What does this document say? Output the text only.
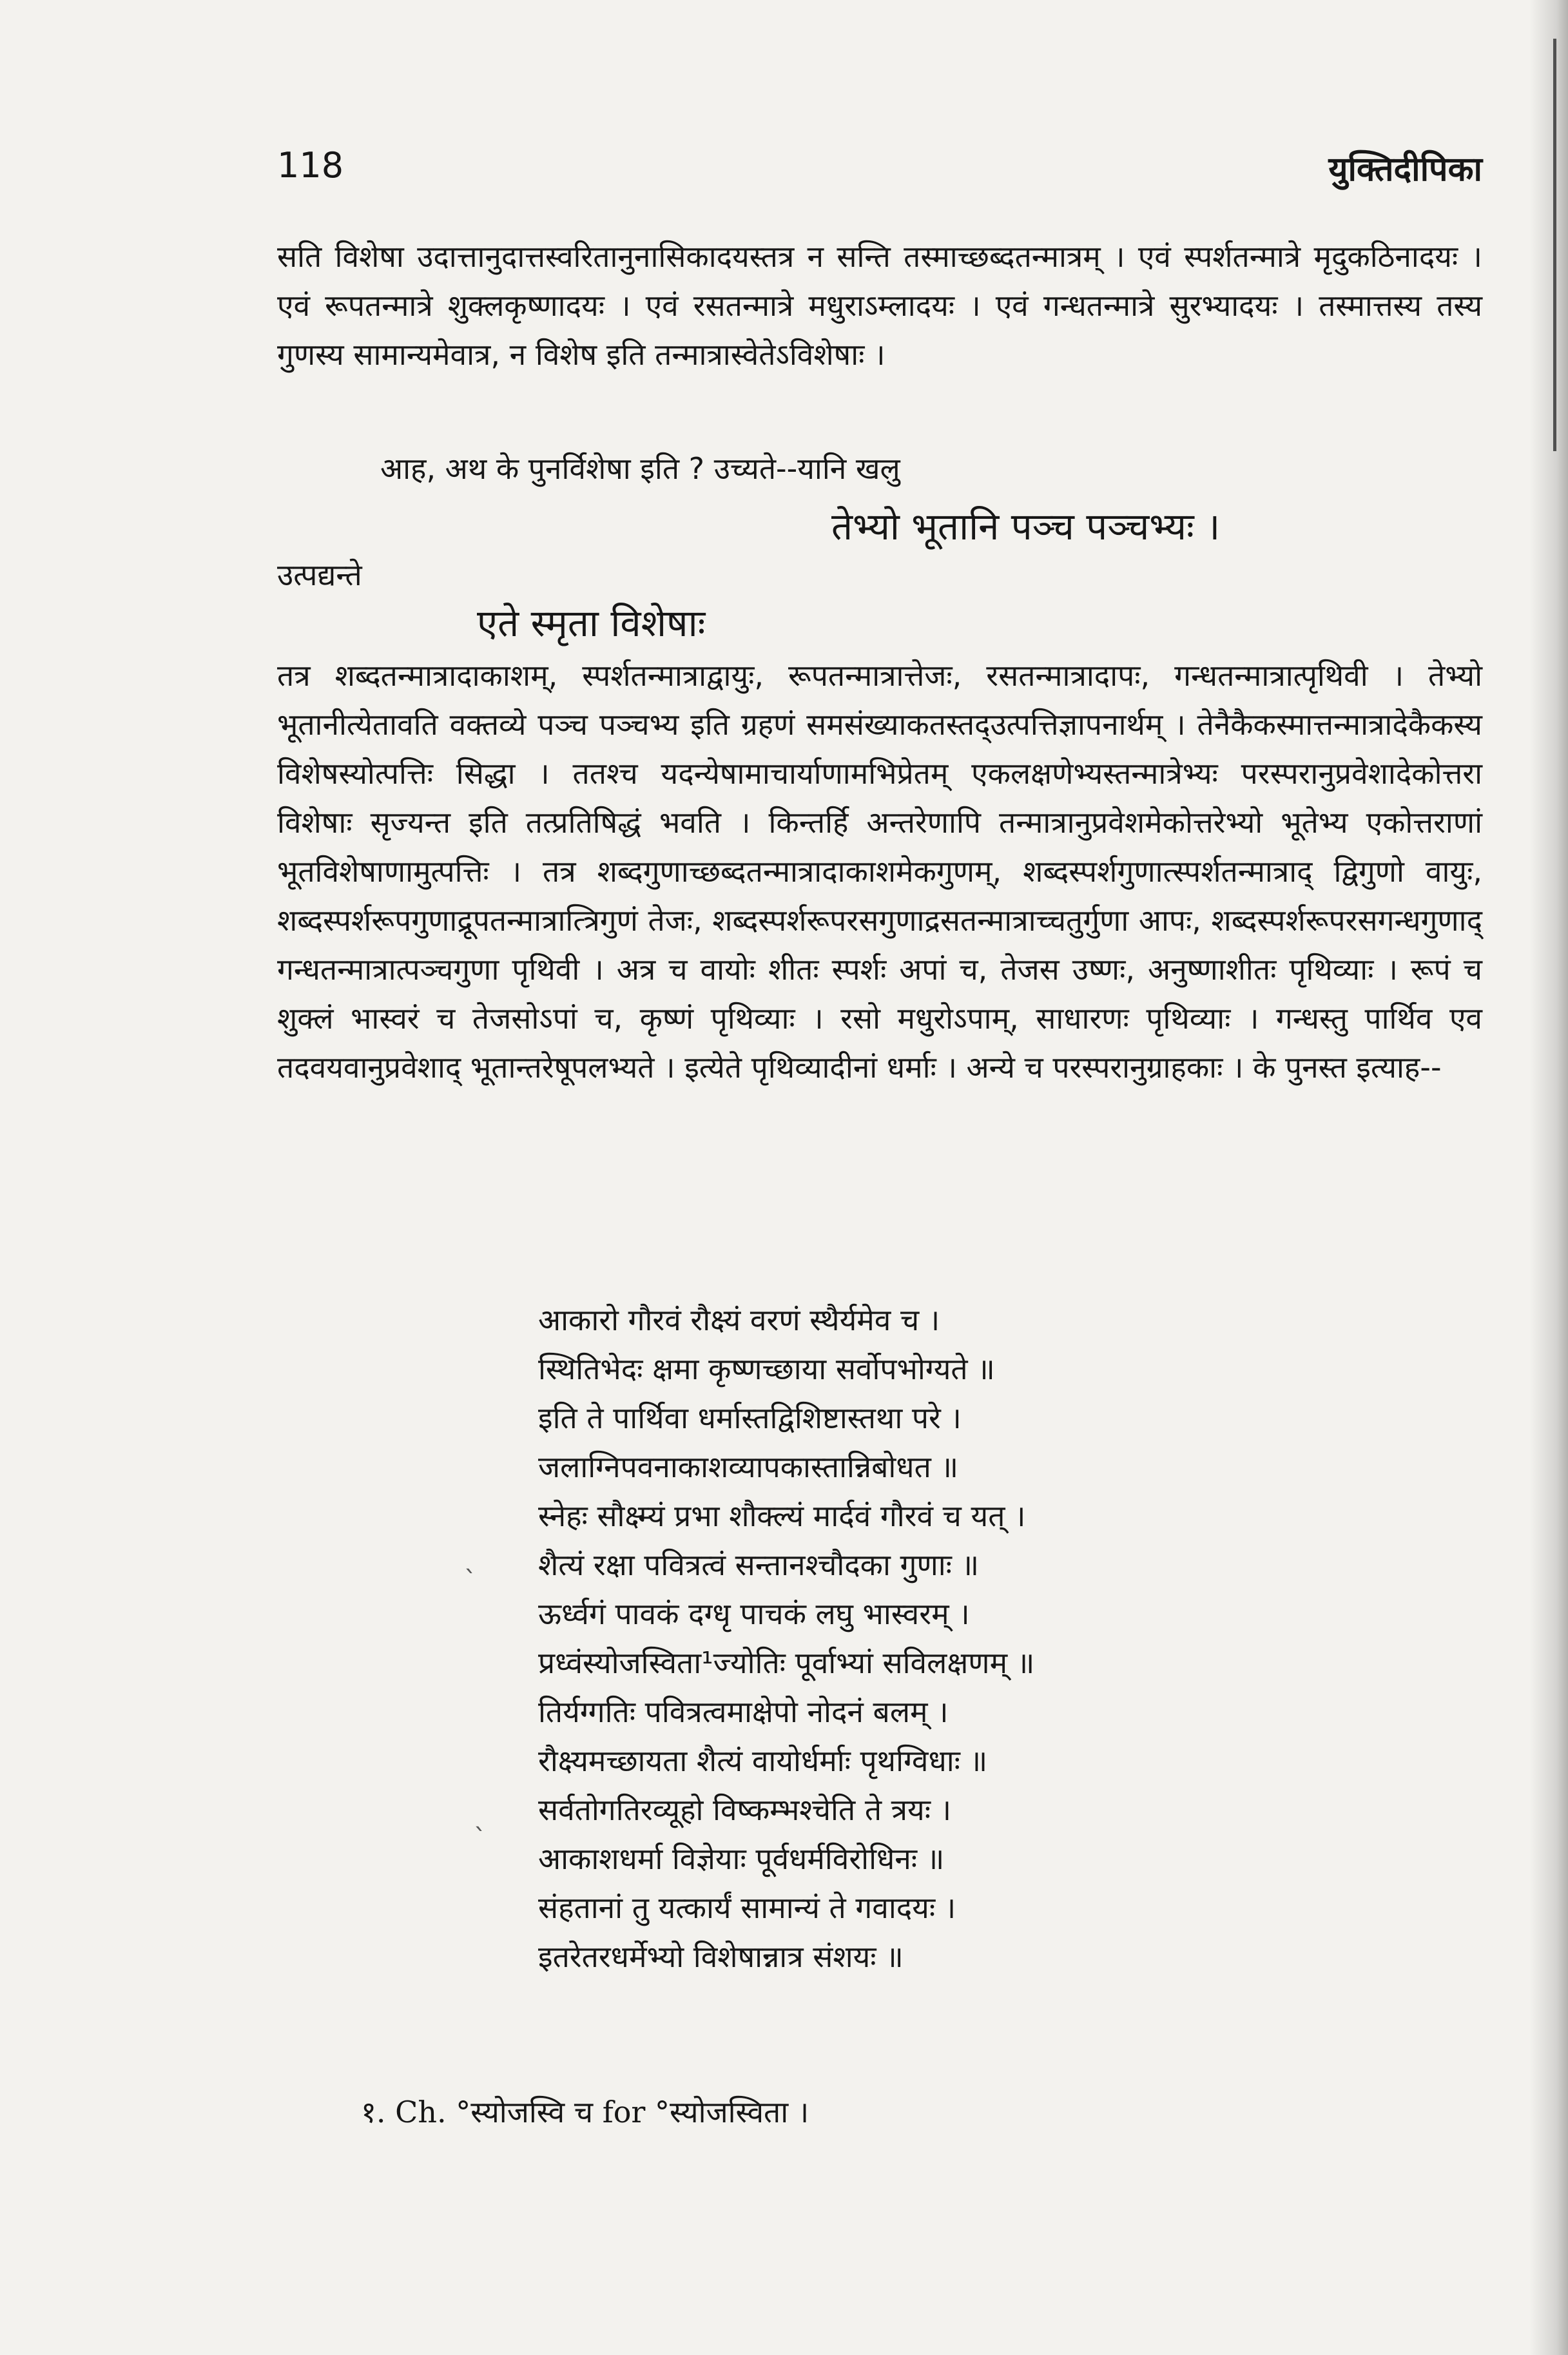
118	युक्तिदीपिका
सति विशेषा उदात्तानुदात्तस्वरितानुनासिकादयस्तत्र न सन्ति तस्माच्छब्दतन्मात्रम् । एवं स्पर्शतन्मात्रे मृदुकठिनादयः । एवं रूपतन्मात्रे शुक्लकृष्णादयः । एवं रसतन्मात्रे मधुराऽम्लादयः । एवं गन्धतन्मात्रे सुरभ्यादयः । तस्मात्तस्य तस्य गुणस्य सामान्यमेवात्र, न विशेष इति तन्मात्रास्वेतेऽविशेषाः ।
आह, अथ के पुनर्विशेषा इति ? उच्यते--यानि खलु
तेभ्यो भूतानि पञ्च पञ्चभ्यः ।
उत्पद्यन्ते
एते स्मृता विशेषाः
तत्र शब्दतन्मात्रादाकाशम्, स्पर्शतन्मात्राद्वायुः, रूपतन्मात्रात्तेजः, रसतन्मात्रादापः, गन्धतन्मात्रात्पृथिवी । तेभ्यो भूतानीत्येतावति वक्तव्ये पञ्च पञ्चभ्य इति ग्रहणं समसंख्याकतस्तद्उत्पत्तिज्ञापनार्थम् । तेनैकैकस्मात्तन्मात्रादेकैकस्य विशेषस्योत्पत्तिः सिद्धा । ततश्च यदन्येषामाचार्याणामभिप्रेतम् एकलक्षणेभ्यस्तन्मात्रेभ्यः परस्परानुप्रवेशादेकोत्तरा विशेषाः सृज्यन्त इति तत्प्रतिषिद्धं भवति । किन्तर्हि अन्तरेणापि तन्मात्रानुप्रवेशमेकोत्तरेभ्यो भूतेभ्य एकोत्तराणां भूतविशेषाणामुत्पत्तिः । तत्र शब्दगुणाच्छब्दतन्मात्रादाकाशमेकगुणम्, शब्दस्पर्शगुणात्स्पर्शतन्मात्राद् द्विगुणो वायुः, शब्दस्पर्शरूपगुणाद्रूपतन्मात्रात्त्रिगुणं तेजः, शब्दस्पर्शरूपरसगुणाद्रसतन्मात्राच्चतुर्गुणा आपः, शब्दस्पर्शरूपरसगन्धगुणाद् गन्धतन्मात्रात्पञ्चगुणा पृथिवी । अत्र च वायोः शीतः स्पर्शः अपां च, तेजस उष्णः, अनुष्णाशीतः पृथिव्याः । रूपं च शुक्लं भास्वरं च तेजसोऽपां च, कृष्णं पृथिव्याः । रसो मधुरोऽपाम्, साधारणः पृथिव्याः । गन्धस्तु पार्थिव एव तदवयवानुप्रवेशाद् भूतान्तरेषूपलभ्यते । इत्येते पृथिव्यादीनां धर्माः । अन्ये च परस्परानुग्राहकाः । के पुनस्त इत्याह--
आकारो गौरवं रौक्ष्यं वरणं स्थैर्यमेव च ।
स्थितिभेदः क्षमा कृष्णच्छाया सर्वोपभोग्यते ॥
इति ते पार्थिवा धर्मास्तद्विशिष्टास्तथा परे ।
जलाग्निपवनाकाशव्यापकास्तान्निबोधत ॥
स्नेहः सौक्ष्म्यं प्रभा शौक्ल्यं मार्दवं गौरवं च यत् ।
शैत्यं रक्षा पवित्रत्वं सन्तानश्चौदका गुणाः ॥
ऊर्ध्वगं पावकं दग्धृ पाचकं लघु भास्वरम् ।
प्रध्वंस्योजस्विता¹ज्योतिः पूर्वाभ्यां सविलक्षणम् ॥
तिर्यग्गतिः पवित्रत्वमाक्षेपो नोदनं बलम् ।
रौक्ष्यमच्छायता शैत्यं वायोर्धर्माः पृथग्विधाः ॥
सर्वतोगतिरव्यूहो विष्कम्भश्चेति ते त्रयः ।
आकाशधर्मा विज्ञेयाः पूर्वधर्मविरोधिनः ॥
संहतानां तु यत्कार्यं सामान्यं ते गवादयः ।
इतरेतरधर्मेभ्यो विशेषान्नात्र संशयः ॥
`
`
१. Ch. °स्योजस्वि च for °स्योजस्विता ।
